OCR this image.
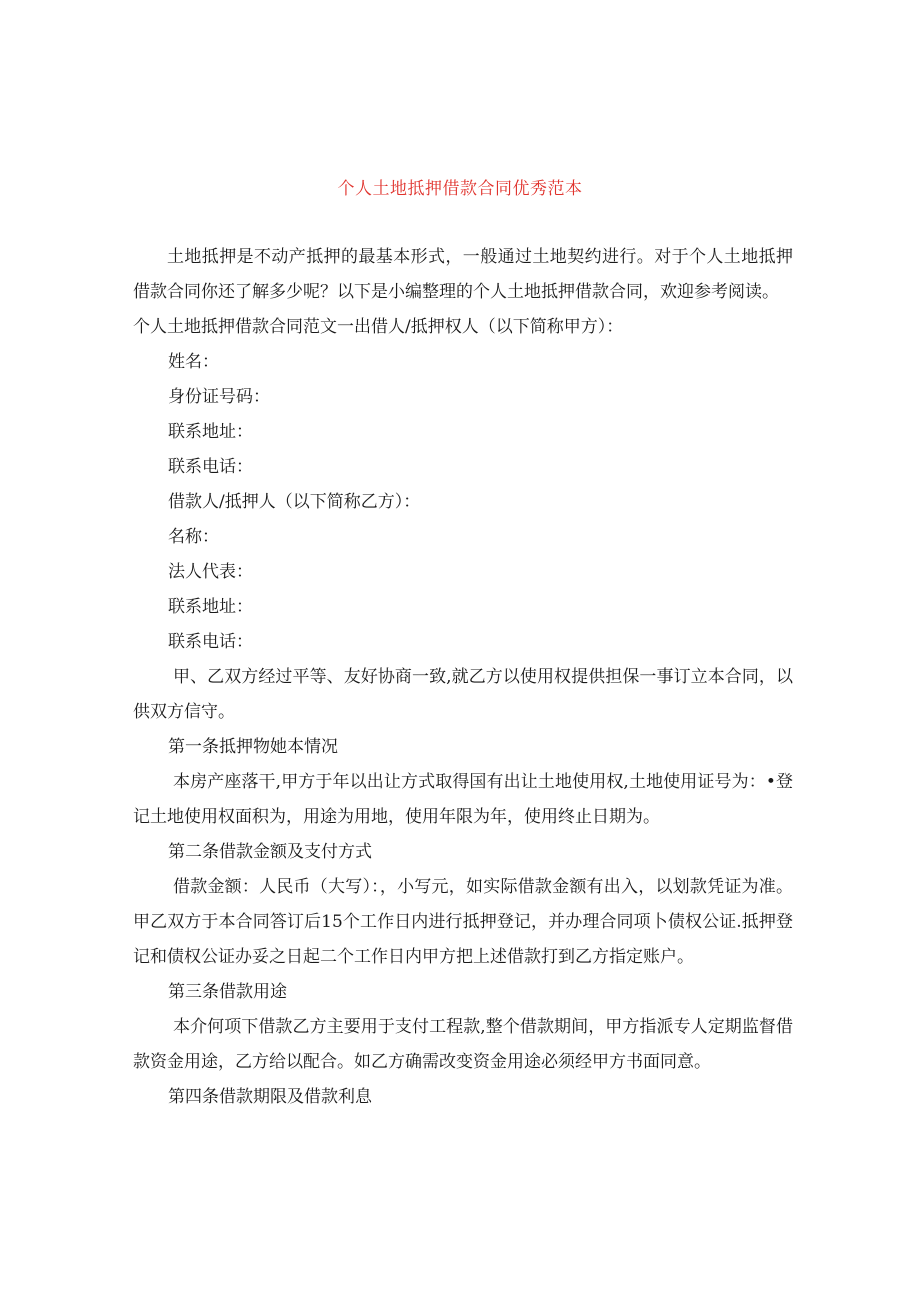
个人土地抵押借款合同优秀范本

土地抵押是不动产抵押的最基本形式，一般通过土地契约进行。对于个人土地抵押借款合同你还了解多少呢？以下是小编整理的个人土地抵押借款合同，欢迎参考阅读。

个人土地抵押借款合同范文一出借人/抵押权人（以下简称甲方）：

姓名：

身份证号码：

联系地址：

联系电话：

借款人/抵押人（以下简称乙方）：

名称：

法人代表：

联系地址：

联系电话：

甲、乙双方经过平等、友好协商一致,就乙方以使用权提供担保一事订立本合同，以供双方信守。

第一条抵押物她本情况

本房产座落干,甲方于年以出让方式取得国有出让土地使用权,土地使用证号为：•登记土地使用权面积为，用途为用地，使用年限为年，使用终止日期为。

第二条借款金额及支付方式

借款金额：人民币（大写）：，小写元，如实际借款金额有出入，以划款凭证为准。甲乙双方于本合同答订后15个工作日内进行抵押登记，并办理合同项卜债权公证.抵押登记和债权公证办妥之日起二个工作日内甲方把上述借款打到乙方指定账户。

第三条借款用途

本介何项下借款乙方主要用于支付工程款,整个借款期间，甲方指派专人定期监督借款资金用途，乙方给以配合。如乙方确需改变资金用途必须经甲方书面同意。

第四条借款期限及借款利息
